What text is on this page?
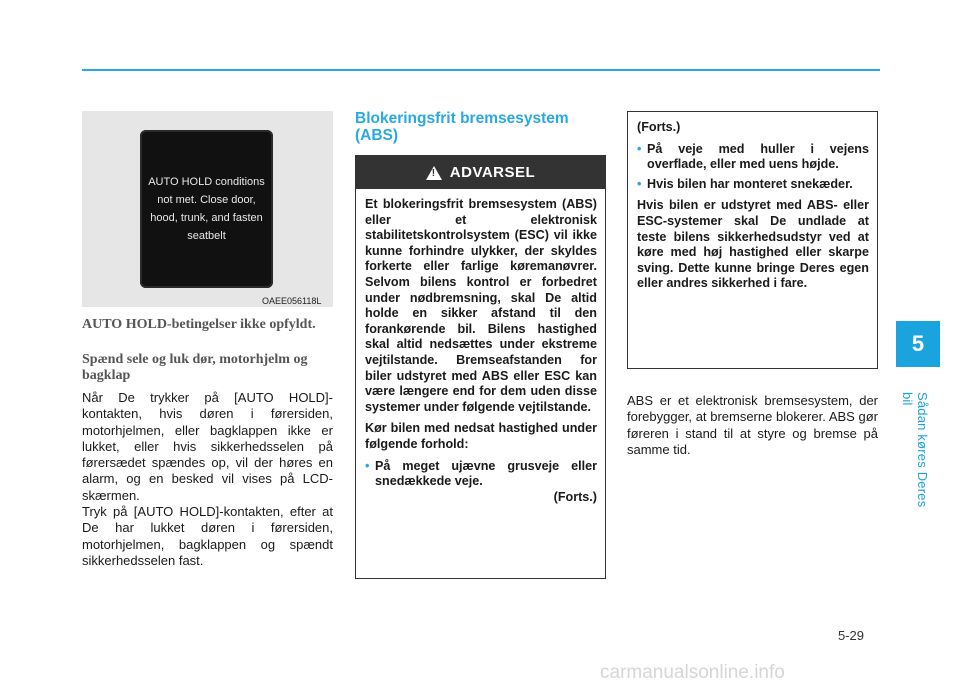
AUTO HOLD conditions not met. Close door, hood, trunk, and fasten seatbelt
OAEE056118L
AUTO HOLD-betingelser ikke opfyldt.
Spænd sele og luk dør, motorhjelm og bagklap
Når De trykker på [AUTO HOLD]-kontakten, hvis døren i førersiden, motorhjelmen, eller bagklappen ikke er lukket, eller hvis sikkerhedsselen på førersædet spændes op, vil der høres en alarm, og en besked vil vises på LCD-skærmen.
Tryk på [AUTO HOLD]-kontakten, efter at De har lukket døren i førersiden, motorhjelmen, bagklappen og spændt sikkerhedsselen fast.
Blokeringsfrit bremsesystem (ABS)
!
ADVARSEL

Et blokeringsfrit bremsesystem (ABS) eller et elektronisk stabilitetskontrolsystem (ESC) vil ikke kunne forhindre ulykker, der skyldes forkerte eller farlige køremanøvrer. Selvom bilens kontrol er forbedret under nødbremsning, skal De altid holde en sikker afstand til den forankørende bil. Bilens hastighed skal altid nedsættes under ekstreme vejtilstande. Bremseafstanden for biler udstyret med ABS eller ESC kan være længere end for dem uden disse systemer under følgende vejtilstande.

Kør bilen med nedsat hastighed under følgende forhold:

• På meget ujævne grusveje eller snedækkede veje.

(Forts.)

(Forts.)

• På veje med huller i vejens overflade, eller med uens højde.
• Hvis bilen har monteret snekæder.

Hvis bilen er udstyret med ABS- eller ESC-systemer skal De undlade at teste bilens sikkerhedsudstyr ved at køre med høj hastighed eller skarpe sving. Dette kunne bringe Deres egen eller andres sikkerhed i fare.

ABS er et elektronisk bremsesystem, der forebygger, at bremserne blokerer. ABS gør føreren i stand til at styre og bremse på samme tid.
5
Sådan køres Deres bil
5-29
carmanualsonline.info
